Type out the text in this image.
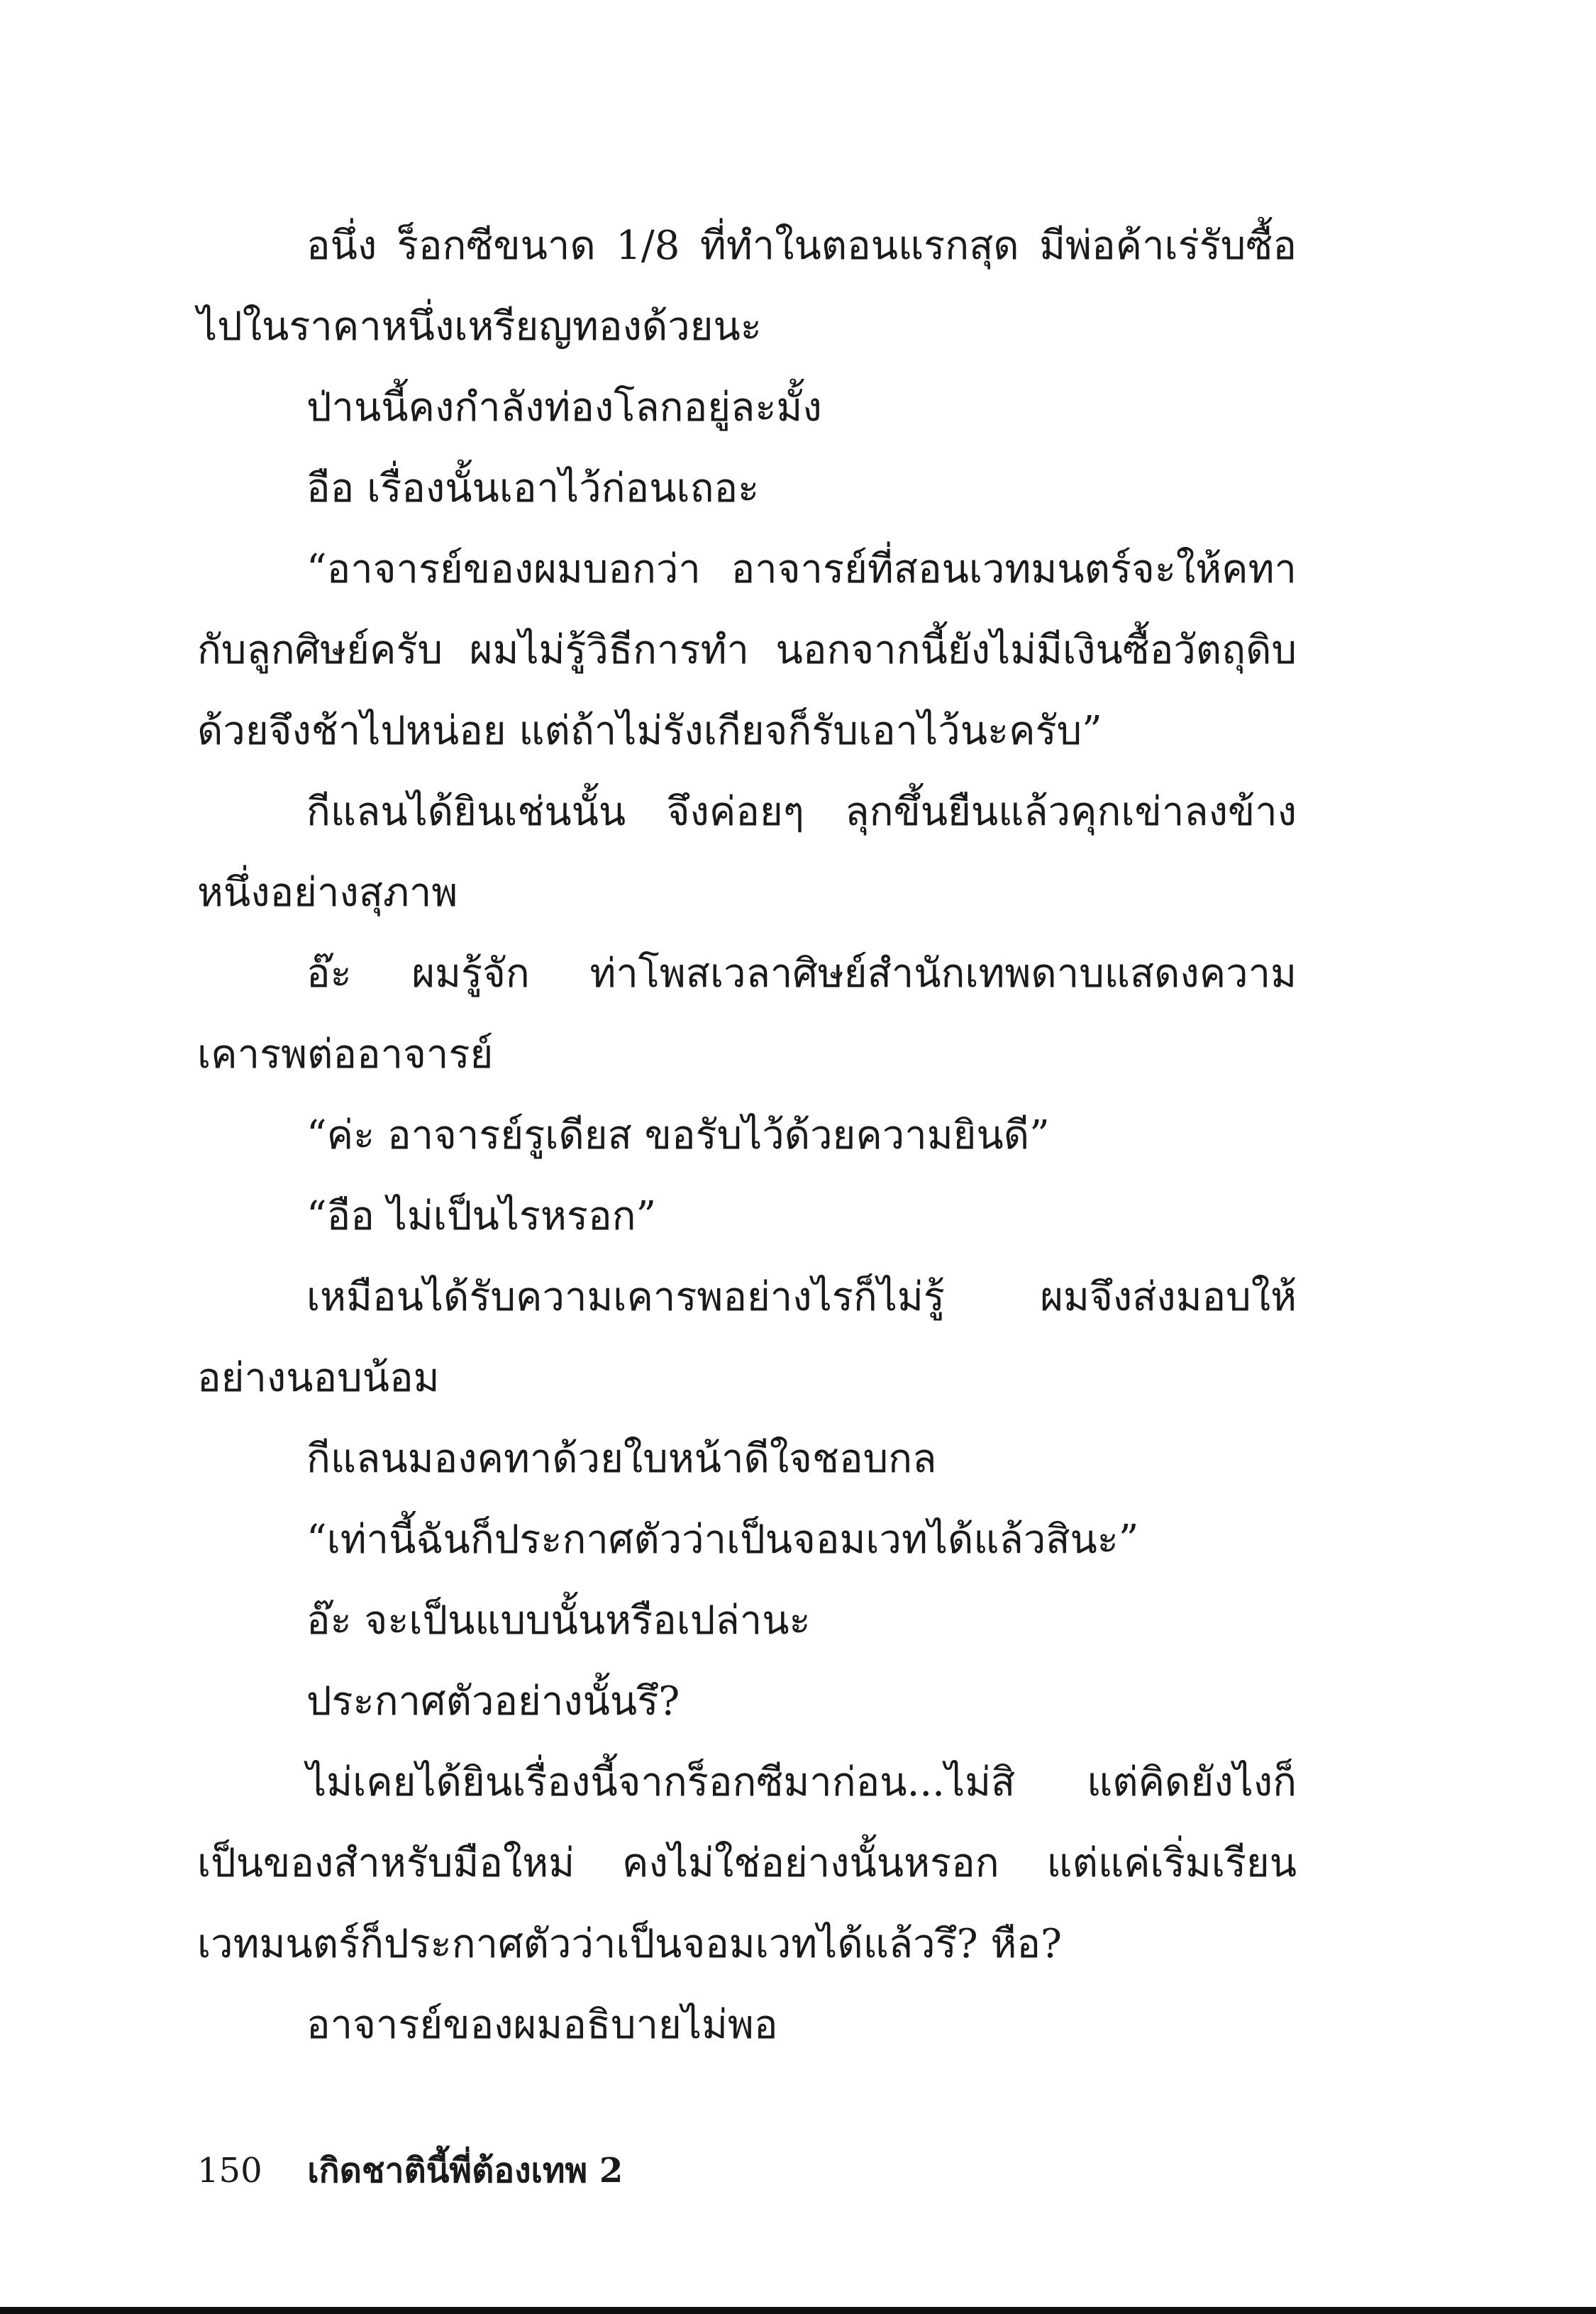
อนึ่ง ร็อกซีขนาด 1/8 ที่ทำในตอนแรกสุด มีพ่อค้าเร่รับซื้อไปในราคาหนึ่งเหรียญทองด้วยนะ

ป่านนี้คงกำลังท่องโลกอยู่ละมั้ง

อือ เรื่องนั้นเอาไว้ก่อนเถอะ

“อาจารย์ของผมบอกว่า อาจารย์ที่สอนเวทมนตร์จะให้คทากับลูกศิษย์ครับ ผมไม่รู้วิธีการทำ นอกจากนี้ยังไม่มีเงินซื้อวัตถุดิบด้วยจึงช้าไปหน่อย แต่ถ้าไม่รังเกียจก็รับเอาไว้นะครับ”

กีแลนได้ยินเช่นนั้น จึงค่อยๆ ลุกขึ้นยืนแล้วคุกเข่าลงข้างหนึ่งอย่างสุภาพ

อ๊ะ ผมรู้จัก ท่าโพสเวลาศิษย์สำนักเทพดาบแสดงความเคารพต่ออาจารย์

“ค่ะ อาจารย์รูเดียส ขอรับไว้ด้วยความยินดี”

“อือ ไม่เป็นไรหรอก”

เหมือนได้รับความเคารพอย่างไรก็ไม่รู้ ผมจึงส่งมอบให้อย่างนอบน้อม

กีแลนมองคทาด้วยใบหน้าดีใจชอบกล

“เท่านี้ฉันก็ประกาศตัวว่าเป็นจอมเวทได้แล้วสินะ”

อ๊ะ จะเป็นแบบนั้นหรือเปล่านะ

ประกาศตัวอย่างนั้นรึ?

ไม่เคยได้ยินเรื่องนี้จากร็อกซีมาก่อน...ไม่สิ แต่คิดยังไงก็เป็นของสำหรับมือใหม่ คงไม่ใช่อย่างนั้นหรอก แต่แค่เริ่มเรียนเวทมนตร์ก็ประกาศตัวว่าเป็นจอมเวทได้แล้วรึ? หือ?

อาจารย์ของผมอธิบายไม่พอ

150 เกิดชาตินี้พี่ต้องเทพ 2
